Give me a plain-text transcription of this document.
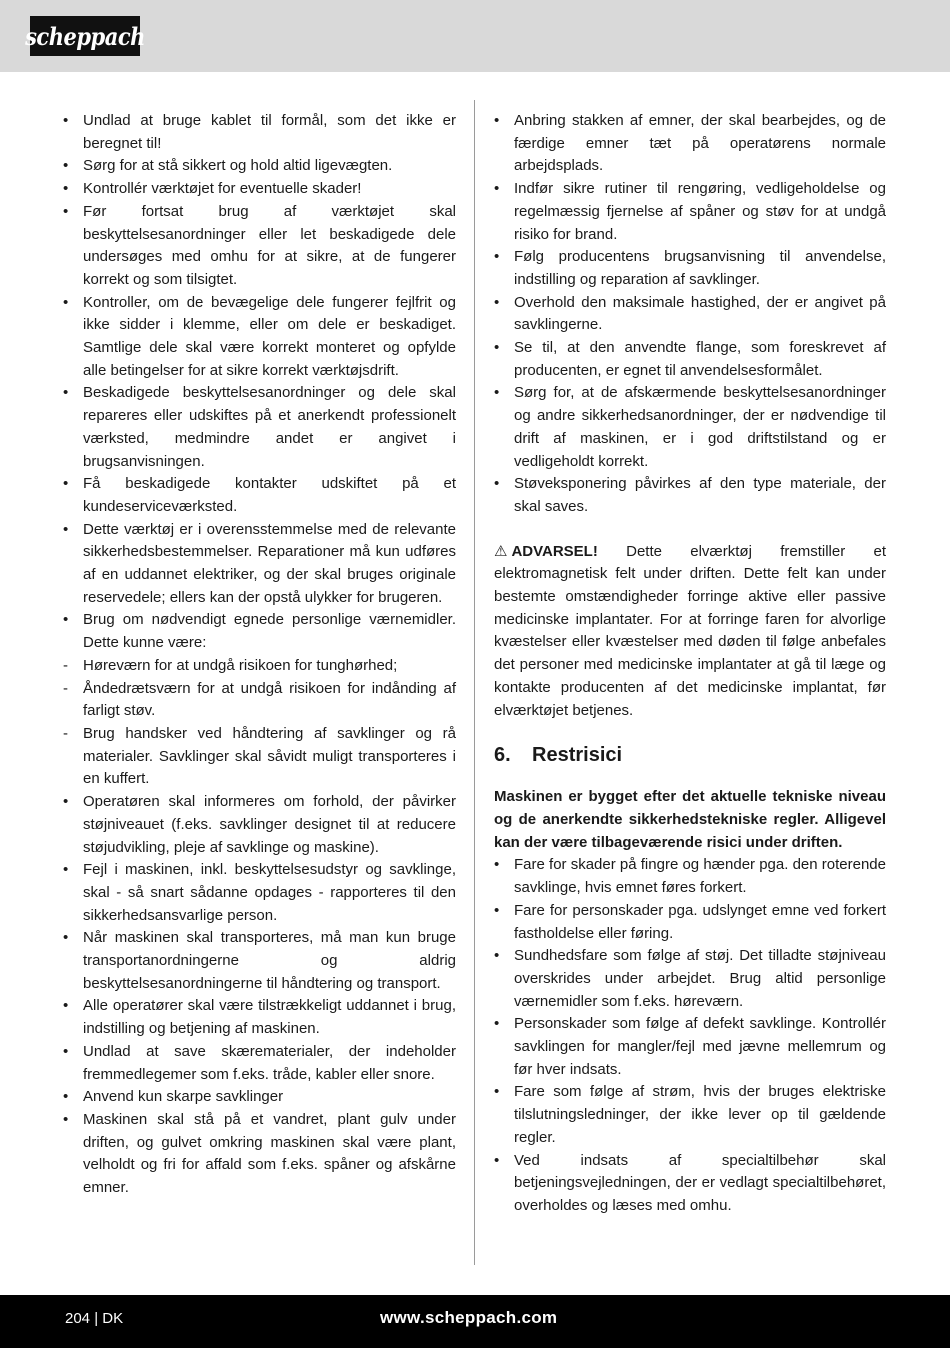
scheppach
• Undlad at bruge kablet til formål, som det ikke er beregnet til!
• Sørg for at stå sikkert og hold altid ligevægten.
• Kontrollér værktøjet for eventuelle skader!
• Før fortsat brug af værktøjet skal beskyttelsesanordninger eller let beskadigede dele undersøges med omhu for at sikre, at de fungerer korrekt og som tilsigtet.
• Kontroller, om de bevægelige dele fungerer fejlfrit og ikke sidder i klemme, eller om dele er beskadiget. Samtlige dele skal være korrekt monteret og opfylde alle betingelser for at sikre korrekt værktøjsdrift.
• Beskadigede beskyttelsesanordninger og dele skal repareres eller udskiftes på et anerkendt professionelt værksted, medmindre andet er angivet i brugsanvisningen.
• Få beskadigede kontakter udskiftet på et kundeserviceværksted.
• Dette værktøj er i overensstemmelse med de relevante sikkerhedsbestemmelser. Reparationer må kun udføres af en uddannet elektriker, og der skal bruges originale reservedele; ellers kan der opstå ulykker for brugeren.
• Brug om nødvendigt egnede personlige værnemidler. Dette kunne være:
- Høreværn for at undgå risikoen for tunghørhed;
- Åndedrætsværn for at undgå risikoen for indånding af farligt støv.
- Brug handsker ved håndtering af savklinger og rå materialer. Savklinger skal såvidt muligt transporteres i en kuffert.
• Operatøren skal informeres om forhold, der påvirker støjniveauet (f.eks. savklinger designet til at reducere støjudvikling, pleje af savklinge og maskine).
• Fejl i maskinen, inkl. beskyttelsesudstyr og savklinge, skal - så snart sådanne opdages - rapporteres til den sikkerhedsansvarlige person.
• Når maskinen skal transporteres, må man kun bruge transportanordningerne og aldrig beskyttelsesanordningerne til håndtering og transport.
• Alle operatører skal være tilstrækkeligt uddannet i brug, indstilling og betjening af maskinen.
• Undlad at save skærematerialer, der indeholder fremmedlegemer som f.eks. tråde, kabler eller snore.
• Anvend kun skarpe savklinger
• Maskinen skal stå på et vandret, plant gulv under driften, og gulvet omkring maskinen skal være plant, velholdt og fri for affald som f.eks. spåner og afskårne emner.
• Anbring stakken af emner, der skal bearbejdes, og de færdige emner tæt på operatørens normale arbejdsplads.
• Indfør sikre rutiner til rengøring, vedligeholdelse og regelmæssig fjernelse af spåner og støv for at undgå risiko for brand.
• Følg producentens brugsanvisning til anvendelse, indstilling og reparation af savklinger.
• Overhold den maksimale hastighed, der er angivet på savklingerne.
• Se til, at den anvendte flange, som foreskrevet af producenten, er egnet til anvendelsesformålet.
• Sørg for, at de afskærmende beskyttelsesanordninger og andre sikkerhedsanordninger, der er nødvendige til drift af maskinen, er i god driftstilstand og er vedligeholdt korrekt.
• Støveksponering påvirkes af den type materiale, der skal saves.

⚠ ADVARSEL! Dette elværktøj fremstiller et elektromagnetisk felt under driften. Dette felt kan under bestemte omstændigheder forringe aktive eller passive medicinske implantater. For at forringe faren for alvorlige kvæstelser eller kvæstelser med døden til følge anbefales det personer med medicinske implantater at gå til læge og kontakte producenten af det medicinske implantat, før elværktøjet betjenes.

6. Restrisici

Maskinen er bygget efter det aktuelle tekniske niveau og de anerkendte sikkerhedstekniske regler. Alligevel kan der være tilbageværende risici under driften.

• Fare for skader på fingre og hænder pga. den roterende savklinge, hvis emnet føres forkert.
• Fare for personskader pga. udslynget emne ved forkert fastholdelse eller føring.
• Sundhedsfare som følge af støj. Det tilladte støjniveau overskrides under arbejdet. Brug altid personlige værnemidler som f.eks. høreværn.
• Personskader som følge af defekt savklinge. Kontrollér savklingen for mangler/fejl med jævne mellemrum og før hver indsats.
• Fare som følge af strøm, hvis der bruges elektriske tilslutningsledninger, der ikke lever op til gældende regler.
• Ved indsats af specialtilbehør skal betjeningsvejledningen, der er vedlagt specialtilbehøret, overholdes og læses med omhu.
204 | DK	www.scheppach.com
